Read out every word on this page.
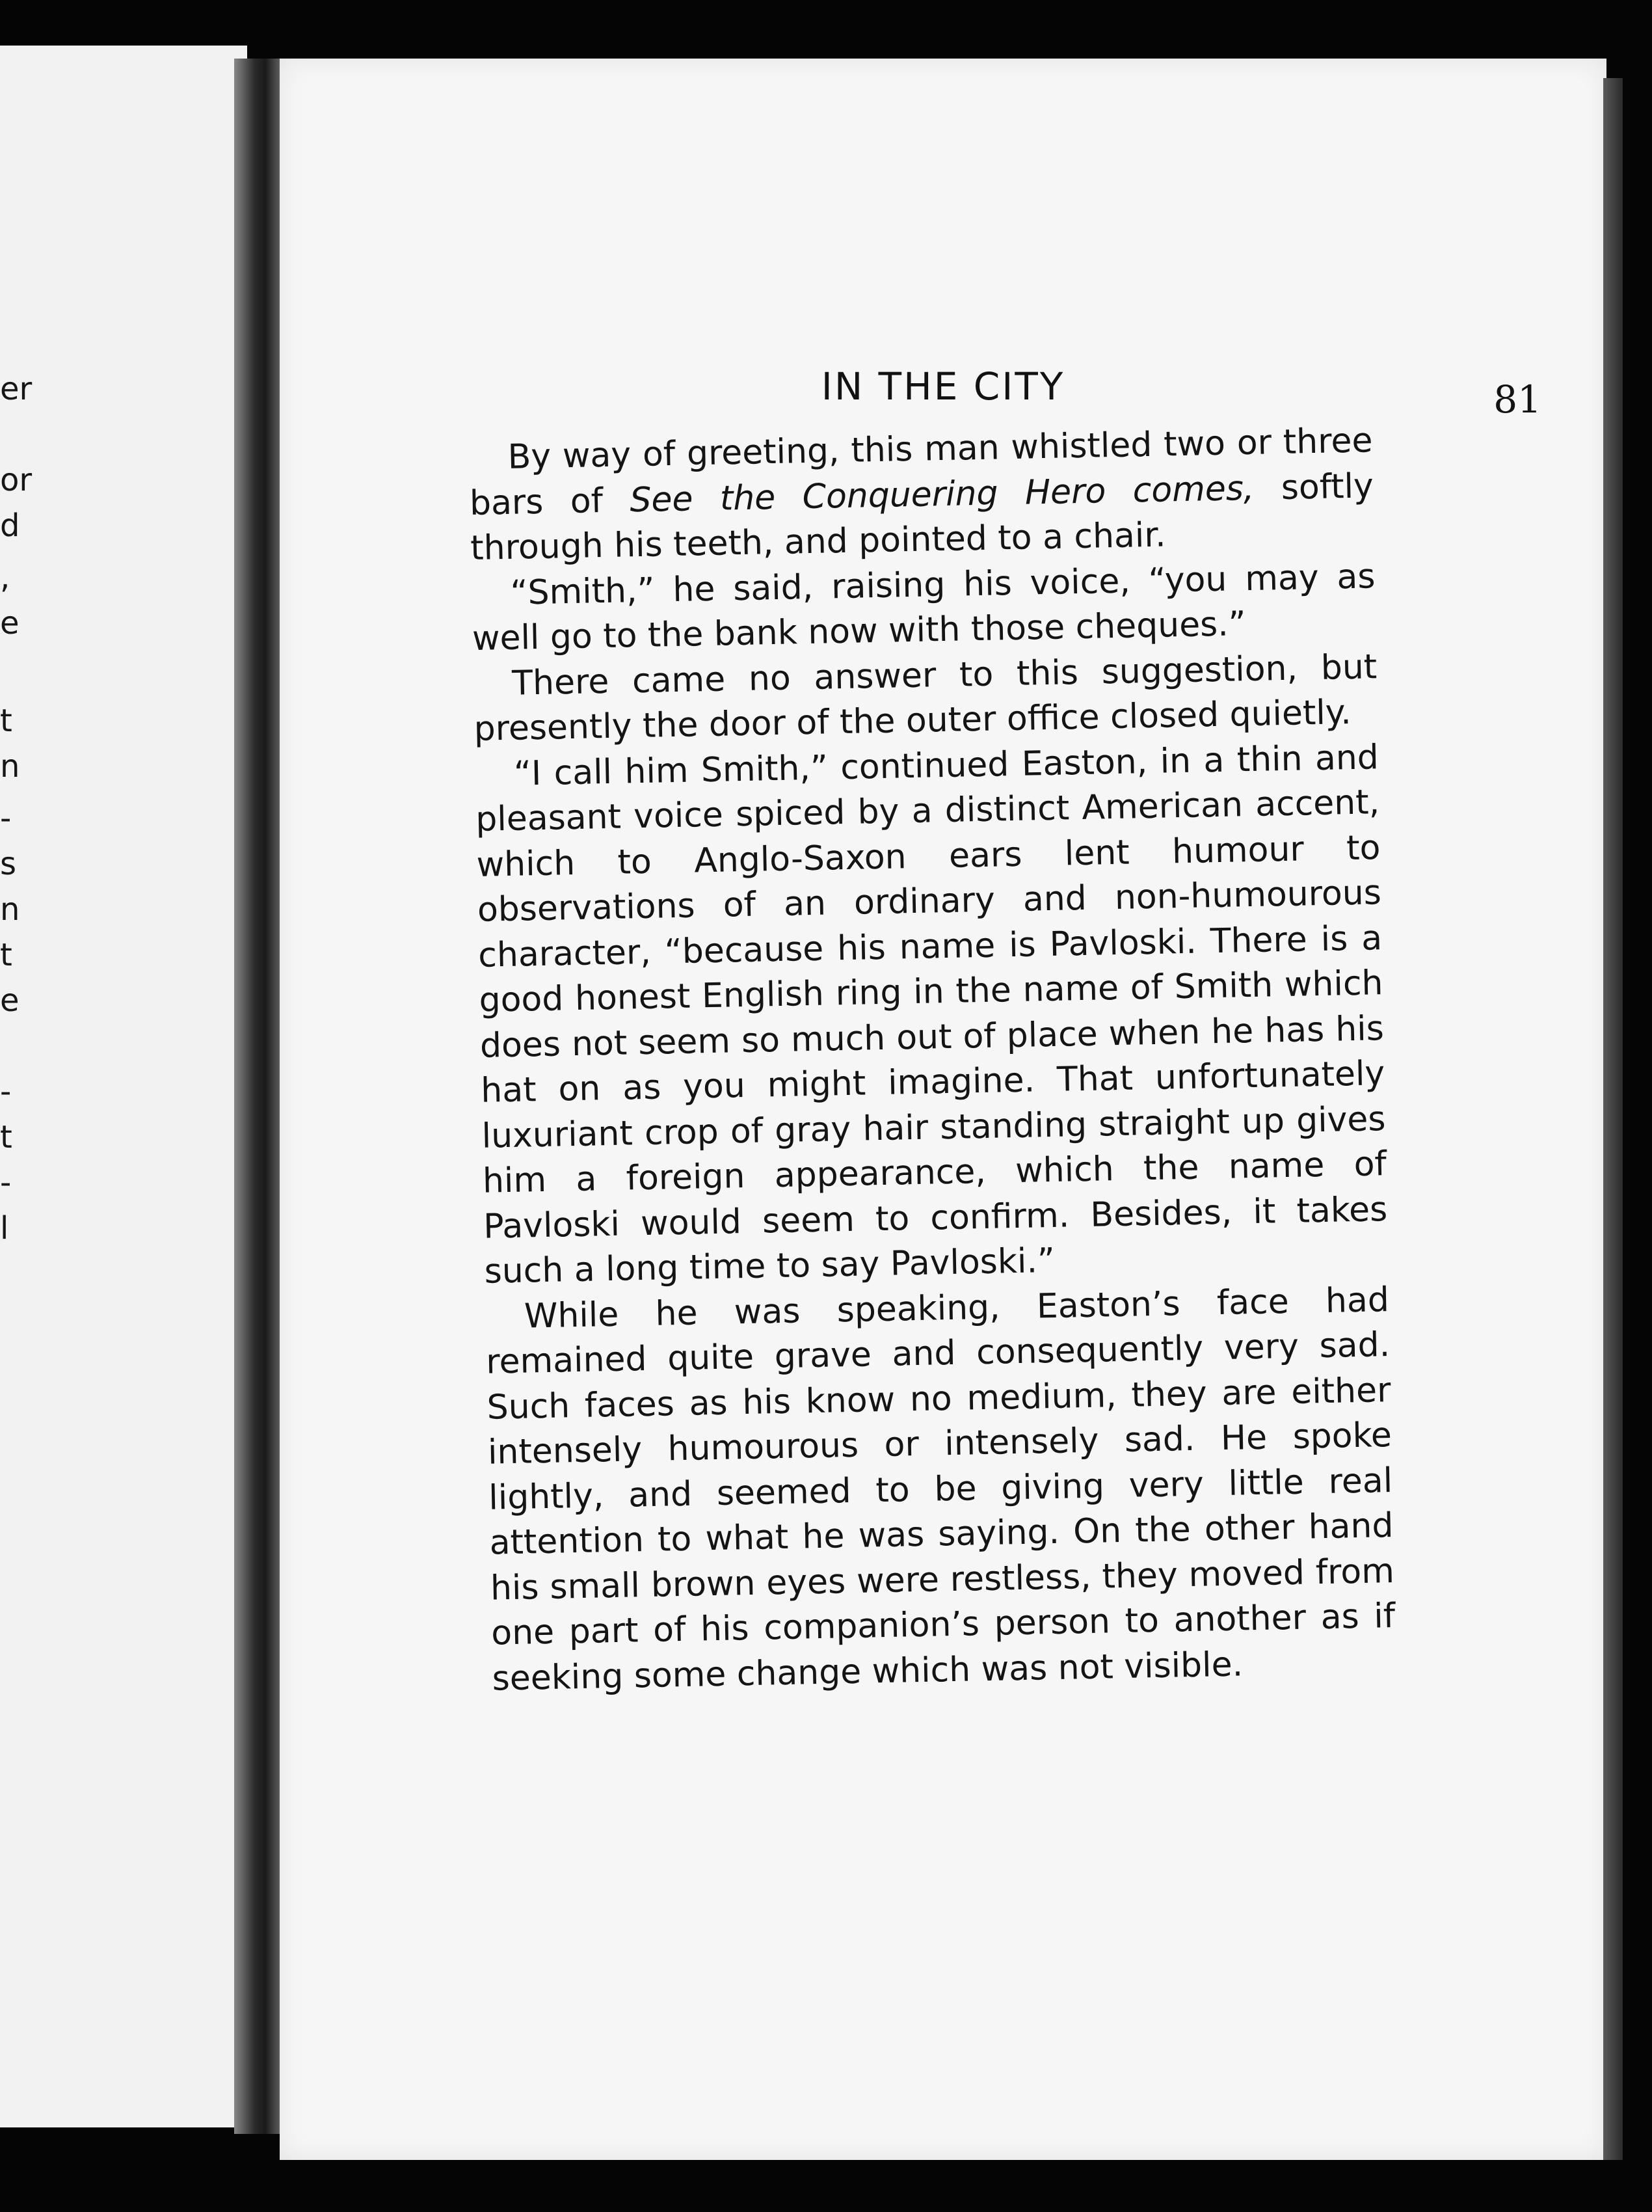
er
or
d
,
e
t
n
-
s
n
t
e
-
t
-
l
IN THE CITY	81

By way of greeting, this man whistled two or three bars of See the Conquering Hero comes, softly through his teeth, and pointed to a chair.

“Smith,” he said, raising his voice, “you may as well go to the bank now with those cheques.”

There came no answer to this suggestion, but presently the door of the outer office closed quietly.

“I call him Smith,” continued Easton, in a thin and pleasant voice spiced by a distinct American accent, which to Anglo-Saxon ears lent humour to observations of an ordinary and non-humourous character, “because his name is Pavloski. There is a good honest English ring in the name of Smith which does not seem so much out of place when he has his hat on as you might imagine. That unfortunately luxuriant crop of gray hair standing straight up gives him a foreign appearance, which the name of Pavloski would seem to confirm. Besides, it takes such a long time to say Pavloski.”

While he was speaking, Easton’s face had remained quite grave and consequently very sad. Such faces as his know no medium, they are either intensely humourous or intensely sad. He spoke lightly, and seemed to be giving very little real attention to what he was saying. On the other hand his small brown eyes were restless, they moved from one part of his companion’s person to another as if seeking some change which was not visible.
